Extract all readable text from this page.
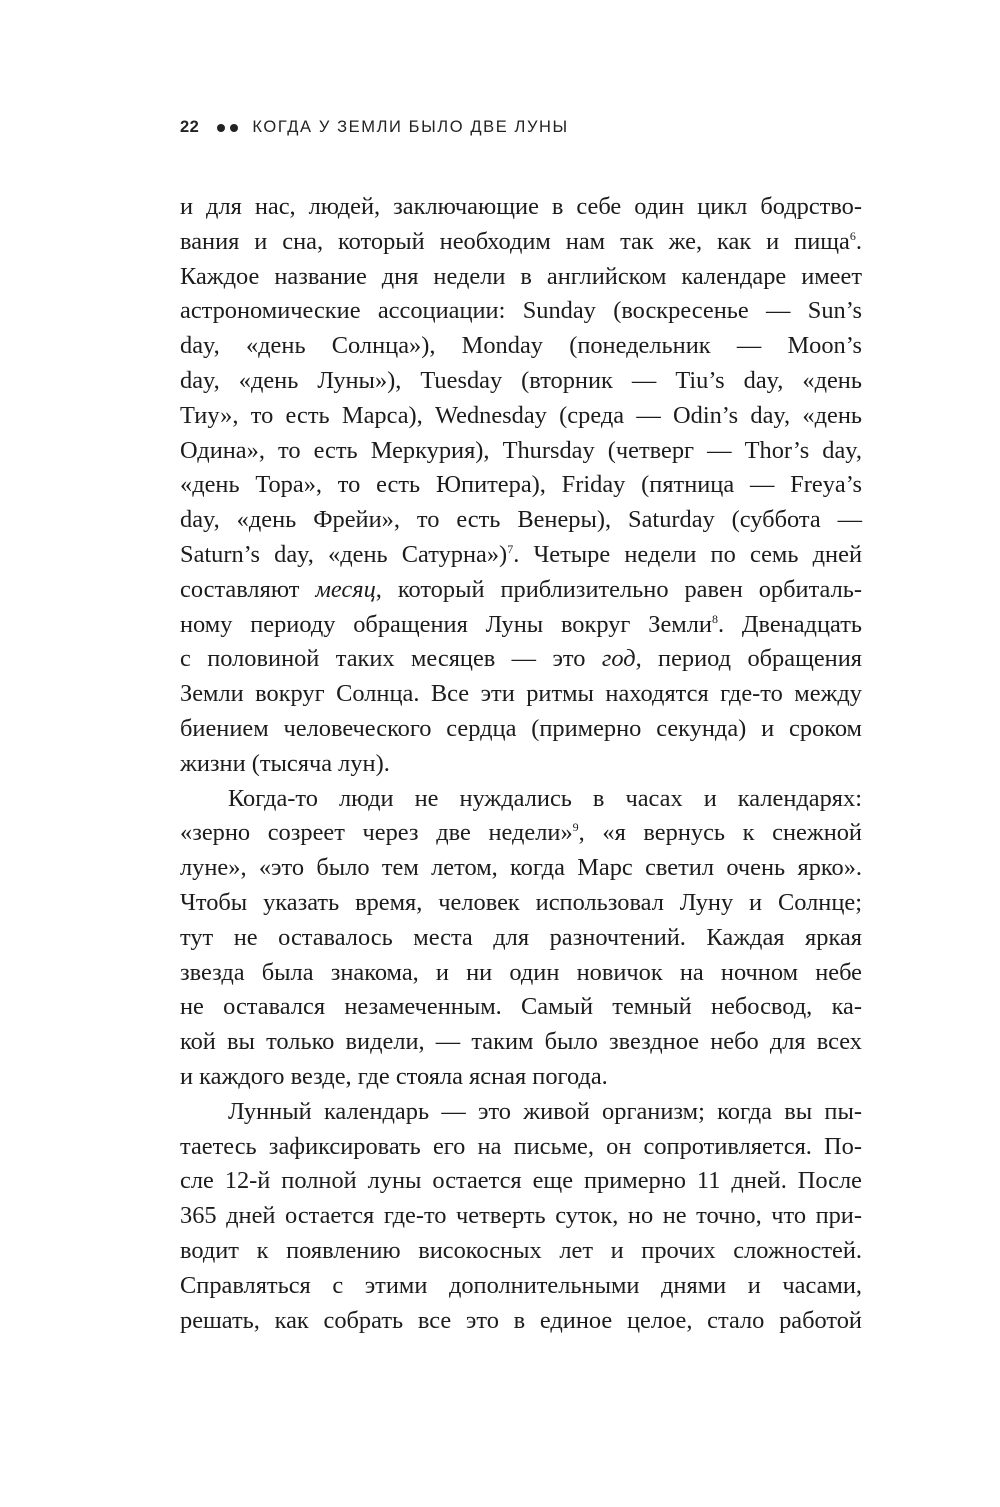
22	КОГДА У ЗЕМЛИ БЫЛО ДВЕ ЛУНЫ
и для нас, людей, заключающие в себе один цикл бодрство-
вания и сна, который необходим нам так же, как и пища$^6$.
Каждое название дня недели в английском календаре имеет
астрономические ассоциации: Sunday (воскресенье — Sun’s
day, «день Солнца»), Monday (понедельник — Moon’s
day, «день Луны»), Tuesday (вторник — Tiu’s day, «день
Тиу», то есть Марса), Wednesday (среда — Odin’s day, «день
Одина», то есть Меркурия), Thursday (четверг — Thor’s day,
«день Тора», то есть Юпитера), Friday (пятница — Freya’s
day, «день Фрейи», то есть Венеры), Saturday (суббота —
Saturn’s day, «день Сатурна»)$^7$. Четыре недели по семь дней
составляют месяц, который приблизительно равен орбиталь-
ному периоду обращения Луны вокруг Земли$^8$. Двенадцать
с половиной таких месяцев — это год, период обращения
Земли вокруг Солнца. Все эти ритмы находятся где-то между
биением человеческого сердца (примерно секунда) и сроком
жизни (тысяча лун).
Когда-то люди не нуждались в часах и календарях:
«зерно созреет через две недели»$^9$, «я вернусь к снежной
луне», «это было тем летом, когда Марс светил очень ярко».
Чтобы указать время, человек использовал Луну и Солнце;
тут не оставалось места для разночтений. Каждая яркая
звезда была знакома, и ни один новичок на ночном небе
не оставался незамеченным. Самый темный небосвод, ка-
кой вы только видели, — таким было звездное небо для всех
и каждого везде, где стояла ясная погода.
Лунный календарь — это живой организм; когда вы пы-
таетесь зафиксировать его на письме, он сопротивляется. По-
сле 12-й полной луны остается еще примерно 11 дней. После
365 дней остается где-то четверть суток, но не точно, что при-
водит к появлению високосных лет и прочих сложностей.
Справляться с этими дополнительными днями и часами,
решать, как собрать все это в единое целое, стало работой
